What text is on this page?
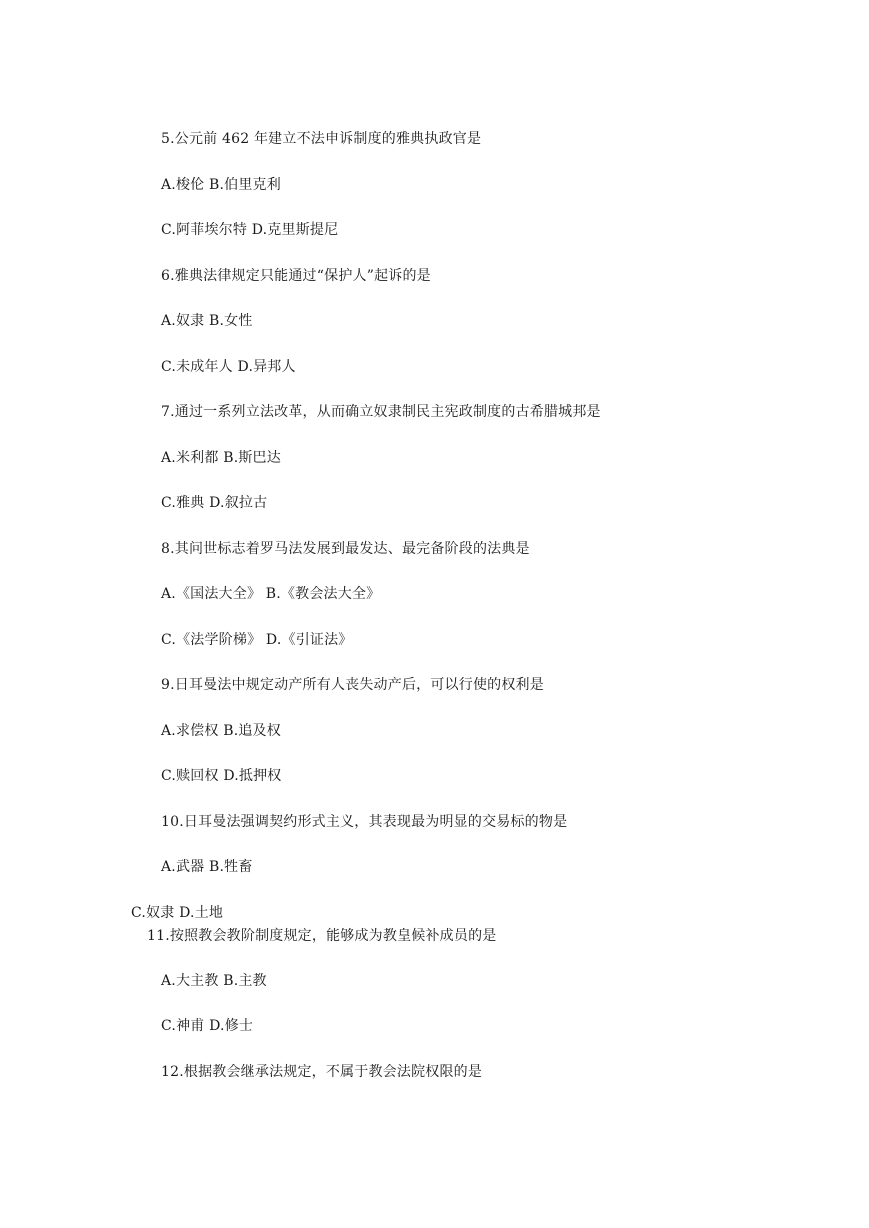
5.公元前 462 年建立不法申诉制度的雅典执政官是
A.梭伦 B.伯里克利
C.阿菲埃尔特 D.克里斯提尼
6.雅典法律规定只能通过“保护人”起诉的是
A.奴隶 B.女性
C.未成年人 D.异邦人
7.通过一系列立法改革，从而确立奴隶制民主宪政制度的古希腊城邦是
A.米利都 B.斯巴达
C.雅典 D.叙拉古
8.其问世标志着罗马法发展到最发达、最完备阶段的法典是
A.《国法大全》 B.《教会法大全》
C.《法学阶梯》 D.《引证法》
9.日耳曼法中规定动产所有人丧失动产后，可以行使的权利是
A.求偿权 B.追及权
C.赎回权 D.抵押权
10.日耳曼法强调契约形式主义，其表现最为明显的交易标的物是
A.武器 B.牲畜
C.奴隶 D.土地
11.按照教会教阶制度规定，能够成为教皇候补成员的是
A.大主教 B.主教
C.神甫 D.修士
12.根据教会继承法规定，不属于教会法院权限的是
